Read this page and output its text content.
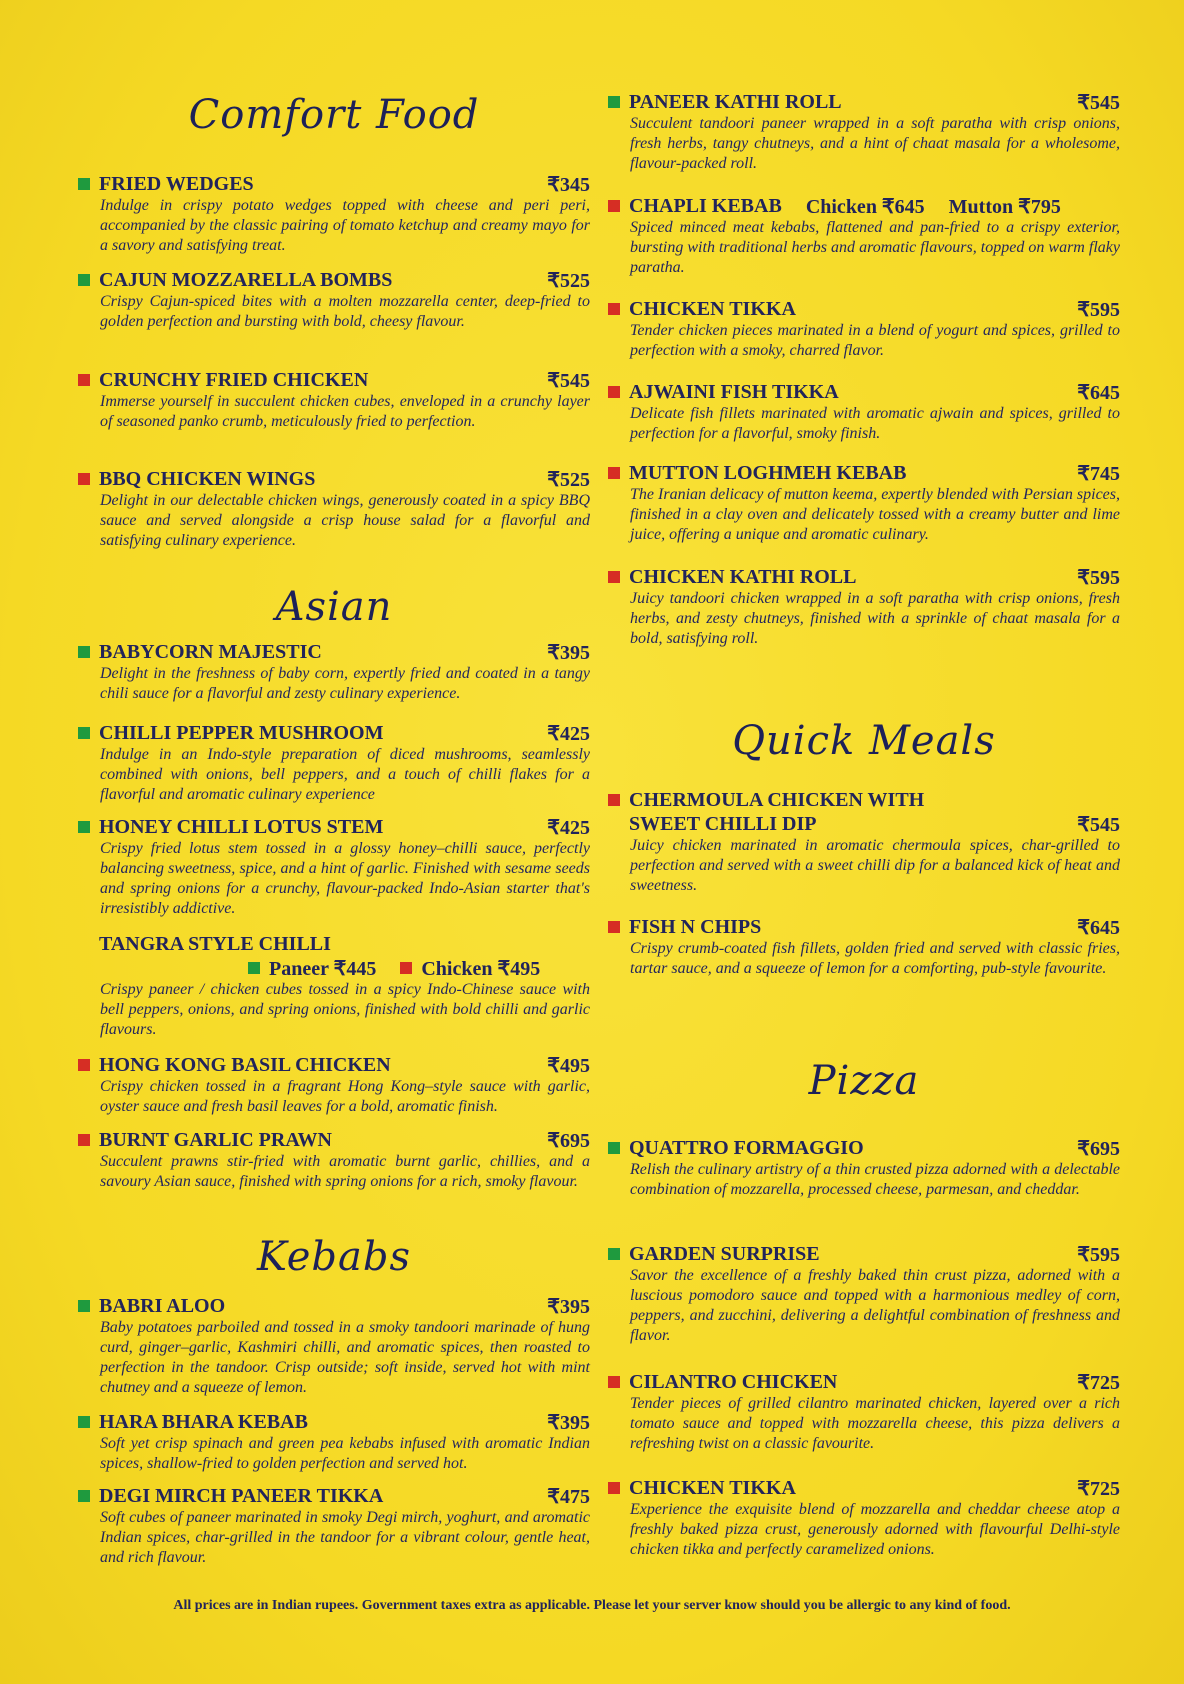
Comfort Food
FRIED WEDGES	₹345
Indulge in crispy potato wedges topped with cheese and peri peri, accompanied by the classic pairing of tomato ketchup and creamy mayo for a savory and satisfying treat.
CAJUN MOZZARELLA BOMBS	₹525
Crispy Cajun-spiced bites with a molten mozzarella center, deep-fried to golden perfection and bursting with bold, cheesy flavour.
CRUNCHY FRIED CHICKEN	₹545
Immerse yourself in succulent chicken cubes, enveloped in a crunchy layer of seasoned panko crumb, meticulously fried to perfection.
BBQ CHICKEN WINGS	₹525
Delight in our delectable chicken wings, generously coated in a spicy BBQ sauce and served alongside a crisp house salad for a flavorful and satisfying culinary experience.
Asian
BABYCORN MAJESTIC	₹395
Delight in the freshness of baby corn, expertly fried and coated in a tangy chili sauce for a flavorful and zesty culinary experience.
CHILLI PEPPER MUSHROOM	₹425
Indulge in an Indo-style preparation of diced mushrooms, seamlessly combined with onions, bell peppers, and a touch of chilli flakes for a flavorful and aromatic culinary experience
HONEY CHILLI LOTUS STEM	₹425
Crispy fried lotus stem tossed in a glossy honey–chilli sauce, perfectly balancing sweetness, spice, and a hint of garlic. Finished with sesame seeds and spring onions for a crunchy, flavour-packed Indo-Asian starter that's irresistibly addictive.
TANGRA STYLE CHILLI
Paneer ₹445 Chicken ₹495
Crispy paneer / chicken cubes tossed in a spicy Indo-Chinese sauce with bell peppers, onions, and spring onions, finished with bold chilli and garlic flavours.
HONG KONG BASIL CHICKEN	₹495
Crispy chicken tossed in a fragrant Hong Kong–style sauce with garlic, oyster sauce and fresh basil leaves for a bold, aromatic finish.
BURNT GARLIC PRAWN	₹695
Succulent prawns stir-fried with aromatic burnt garlic, chillies, and a savoury Asian sauce, finished with spring onions for a rich, smoky flavour.
Kebabs
BABRI ALOO	₹395
Baby potatoes parboiled and tossed in a smoky tandoori marinade of hung curd, ginger–garlic, Kashmiri chilli, and aromatic spices, then roasted to perfection in the tandoor. Crisp outside; soft inside, served hot with mint chutney and a squeeze of lemon.
HARA BHARA KEBAB	₹395
Soft yet crisp spinach and green pea kebabs infused with aromatic Indian spices, shallow-fried to golden perfection and served hot.
DEGI MIRCH PANEER TIKKA	₹475
Soft cubes of paneer marinated in smoky Degi mirch, yoghurt, and aromatic Indian spices, char-grilled in the tandoor for a vibrant colour, gentle heat, and rich flavour.
PANEER KATHI ROLL	₹545
Succulent tandoori paneer wrapped in a soft paratha with crisp onions, fresh herbs, tangy chutneys, and a hint of chaat masala for a wholesome, flavour-packed roll.
CHAPLI KEBAB Chicken ₹645 Mutton ₹795
Spiced minced meat kebabs, flattened and pan-fried to a crispy exterior, bursting with traditional herbs and aromatic flavours, topped on warm flaky paratha.
CHICKEN TIKKA	₹595
Tender chicken pieces marinated in a blend of yogurt and spices, grilled to perfection with a smoky, charred flavor.
AJWAINI FISH TIKKA	₹645
Delicate fish fillets marinated with aromatic ajwain and spices, grilled to perfection for a flavorful, smoky finish.
MUTTON LOGHMEH KEBAB	₹745
The Iranian delicacy of mutton keema, expertly blended with Persian spices, finished in a clay oven and delicately tossed with a creamy butter and lime juice, offering a unique and aromatic culinary.
CHICKEN KATHI ROLL	₹595
Juicy tandoori chicken wrapped in a soft paratha with crisp onions, fresh herbs, and zesty chutneys, finished with a sprinkle of chaat masala for a bold, satisfying roll.
Quick Meals
CHERMOULA CHICKEN WITH
SWEET CHILLI DIP	₹545
Juicy chicken marinated in aromatic chermoula spices, char-grilled to perfection and served with a sweet chilli dip for a balanced kick of heat and sweetness.
FISH N CHIPS	₹645
Crispy crumb-coated fish fillets, golden fried and served with classic fries, tartar sauce, and a squeeze of lemon for a comforting, pub-style favourite.
Pizza
QUATTRO FORMAGGIO	₹695
Relish the culinary artistry of a thin crusted pizza adorned with a delectable combination of mozzarella, processed cheese, parmesan, and cheddar.
GARDEN SURPRISE	₹595
Savor the excellence of a freshly baked thin crust pizza, adorned with a luscious pomodoro sauce and topped with a harmonious medley of corn, peppers, and zucchini, delivering a delightful combination of freshness and flavor.
CILANTRO CHICKEN	₹725
Tender pieces of grilled cilantro marinated chicken, layered over a rich tomato sauce and topped with mozzarella cheese, this pizza delivers a refreshing twist on a classic favourite.
CHICKEN TIKKA	₹725
Experience the exquisite blend of mozzarella and cheddar cheese atop a freshly baked pizza crust, generously adorned with flavourful Delhi-style chicken tikka and perfectly caramelized onions.
All prices are in Indian rupees. Government taxes extra as applicable. Please let your server know should you be allergic to any kind of food.
